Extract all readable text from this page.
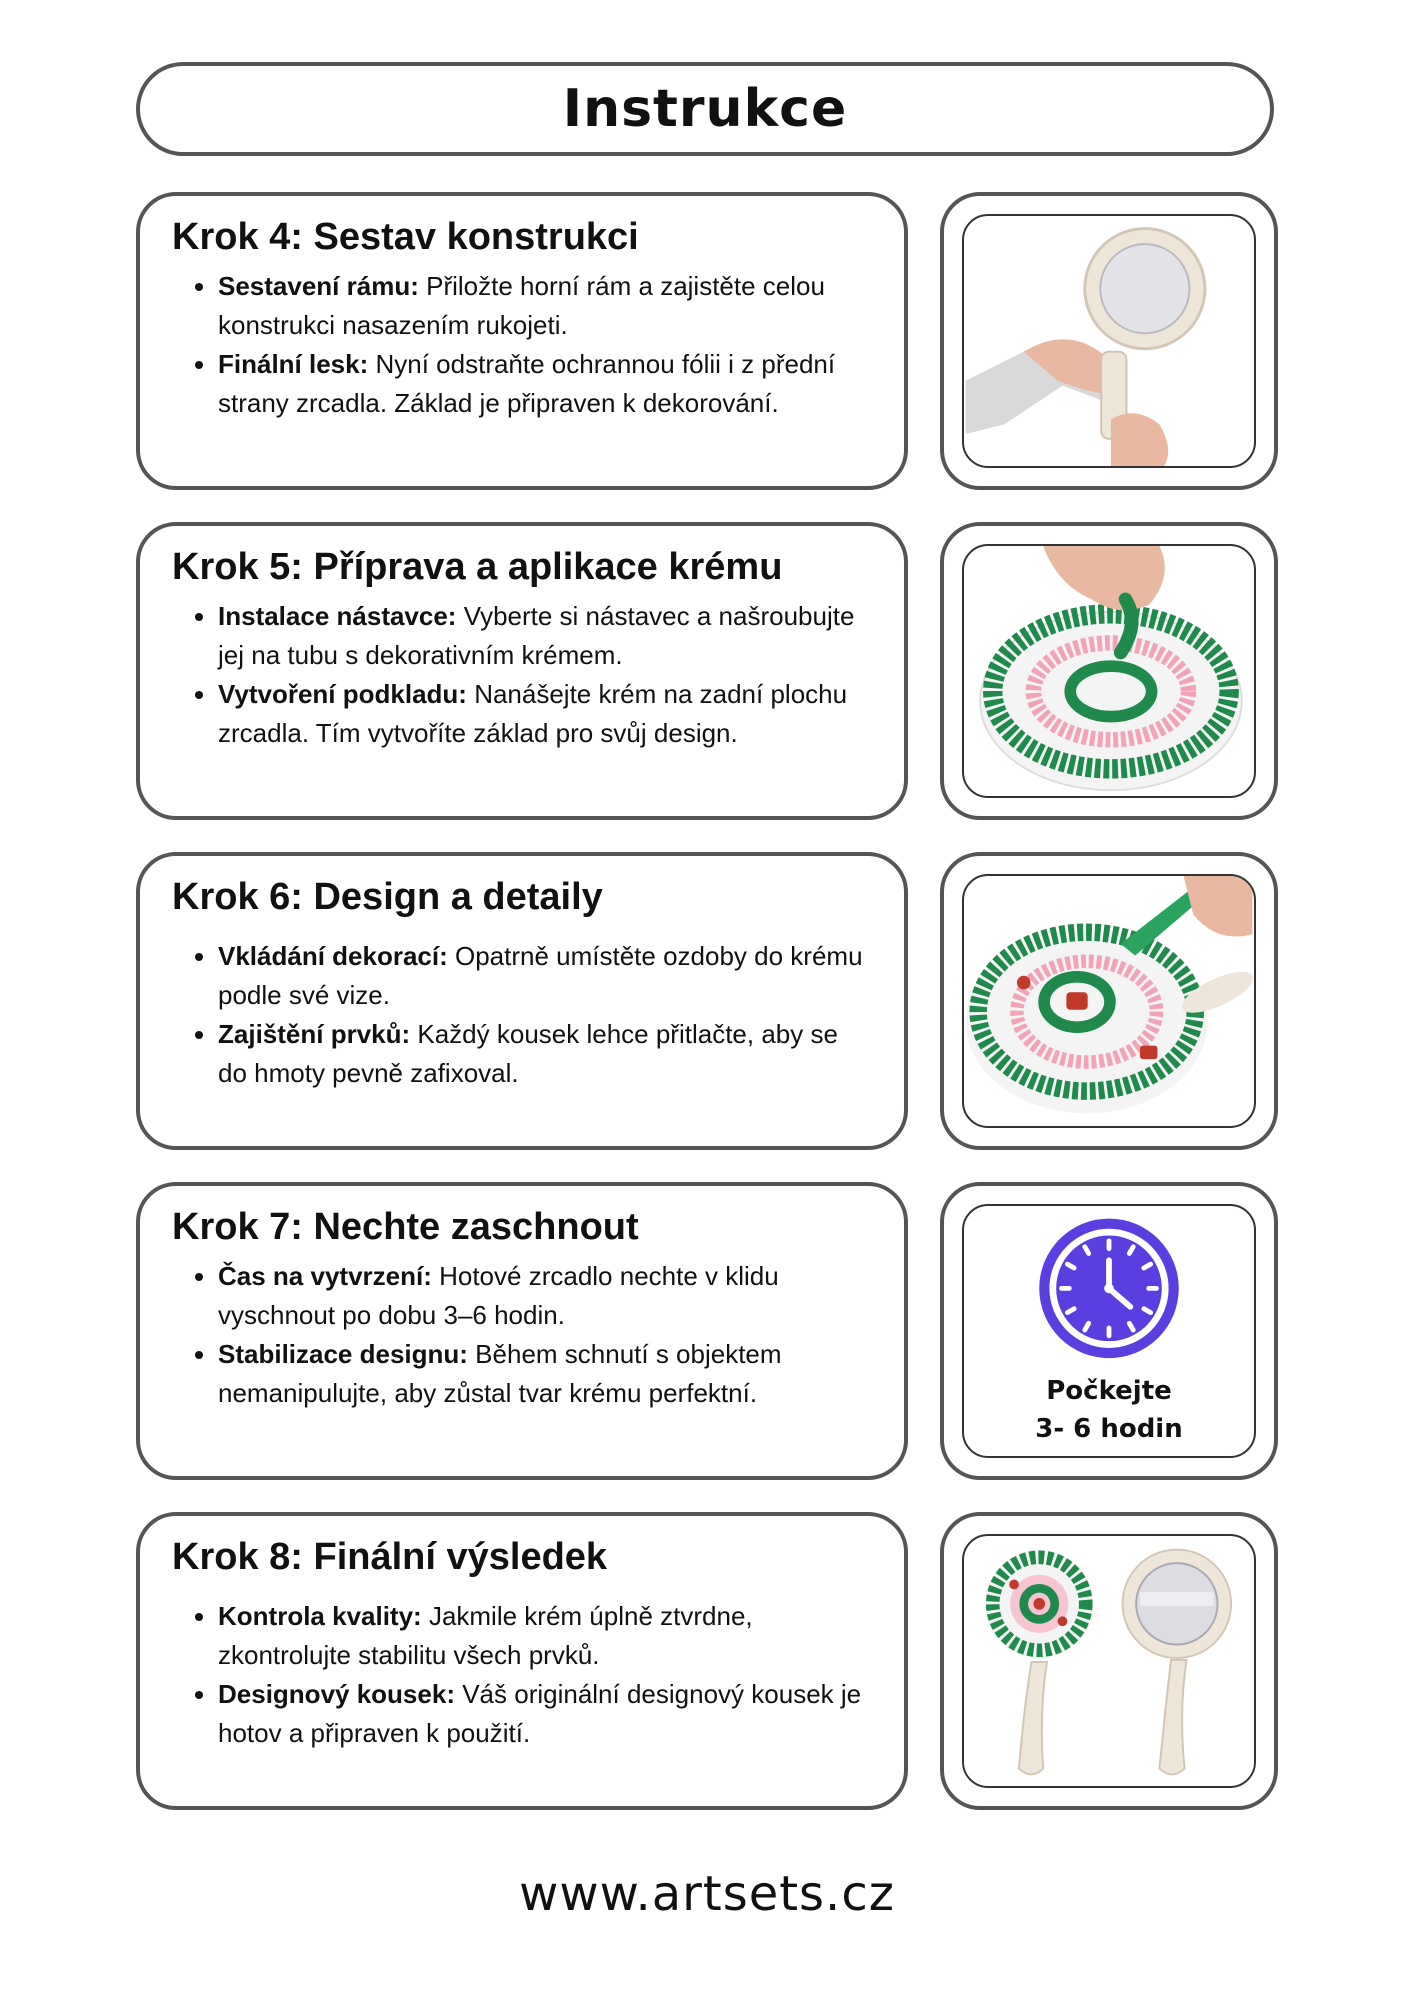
Instrukce
Krok 4: Sestav konstrukci
• Sestavení rámu: Přiložte horní rám a zajistěte celou konstrukci nasazením rukojeti.
• Finální lesk: Nyní odstraňte ochrannou fólii i z přední strany zrcadla. Základ je připraven k dekorování.
Krok 5: Příprava a aplikace krému
• Instalace nástavce: Vyberte si nástavec a našroubujte jej na tubu s dekorativním krémem.
• Vytvoření podkladu: Nanášejte krém na zadní plochu zrcadla. Tím vytvoříte základ pro svůj design.
Krok 6: Design a detaily
• Vkládání dekorací: Opatrně umístěte ozdoby do krému podle své vize.
• Zajištění prvků: Každý kousek lehce přitlačte, aby se do hmoty pevně zafixoval.
Krok 7: Nechte zaschnout
• Čas na vytvrzení: Hotové zrcadlo nechte v klidu vyschnout po dobu 3–6 hodin.
• Stabilizace designu: Během schnutí s objektem nemanipulujte, aby zůstal tvar krému perfektní.	Počkejte
3- 6 hodin
Krok 8: Finální výsledek
• Kontrola kvality: Jakmile krém úplně ztvrdne, zkontrolujte stabilitu všech prvků.
• Designový kousek: Váš originální designový kousek je hotov a připraven k použití.
www.artsets.cz
